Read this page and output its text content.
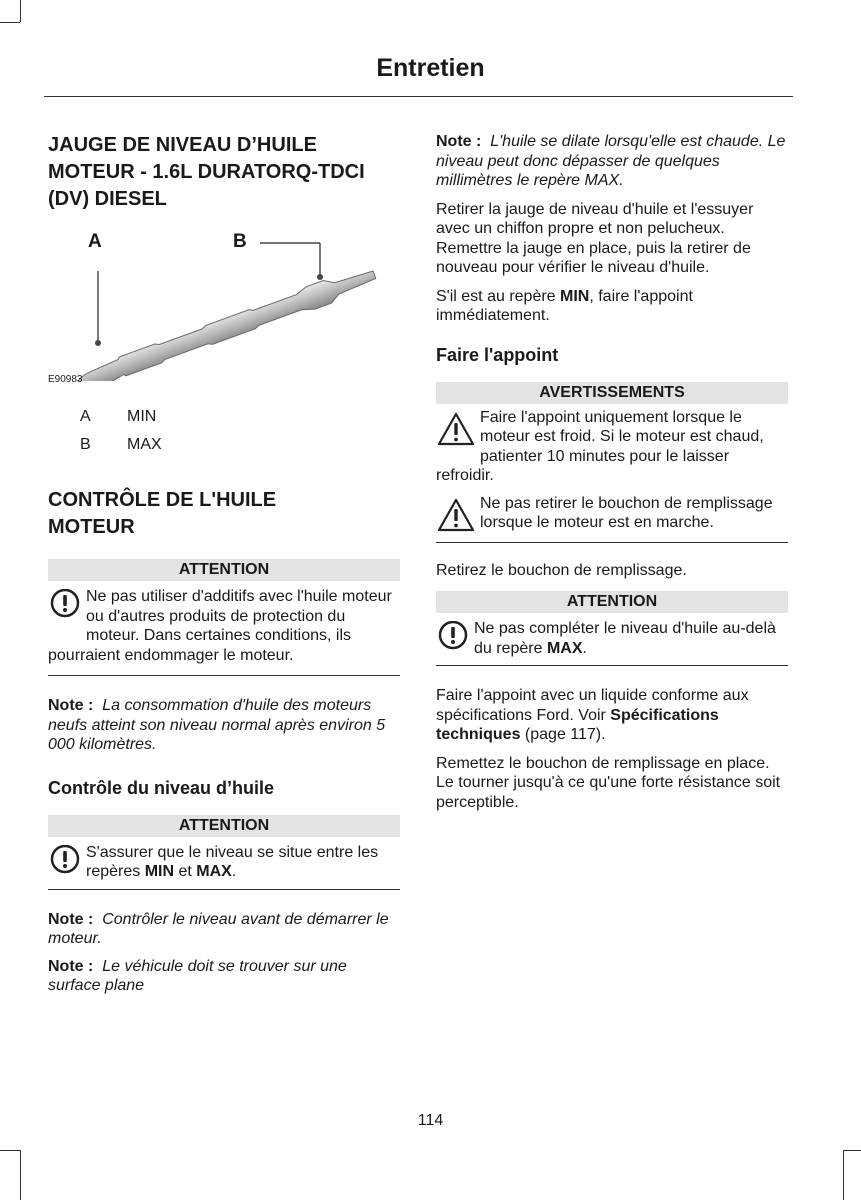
Entretien
JAUGE DE NIVEAU D’HUILE MOTEUR - 1.6L DURATORQ-TDCI (DV) DIESEL
A	B
E90983
A	MIN
B	MAX
CONTRÔLE DE L'HUILE MOTEUR
ATTENTION
Ne pas utiliser d'additifs avec l'huile moteur ou d'autres produits de protection du moteur. Dans certaines conditions, ils pourraient endommager le moteur.

Note : La consommation d'huile des moteurs neufs atteint son niveau normal après environ 5 000 kilomètres.

Contrôle du niveau d’huile
ATTENTION
S'assurer que le niveau se situe entre les repères MIN et MAX.

Note : Contrôler le niveau avant de démarrer le moteur.

Note : Le véhicule doit se trouver sur une surface plane

Note : L'huile se dilate lorsqu'elle est chaude. Le niveau peut donc dépasser de quelques millimètres le repère MAX.

Retirer la jauge de niveau d'huile et l'essuyer avec un chiffon propre et non pelucheux. Remettre la jauge en place, puis la retirer de nouveau pour vérifier le niveau d'huile.

S'il est au repère MIN, faire l'appoint immédiatement.

Faire l'appoint
AVERTISSEMENTS
Faire l'appoint uniquement lorsque le moteur est froid. Si le moteur est chaud, patienter 10 minutes pour le laisser refroidir.
Ne pas retirer le bouchon de remplissage lorsque le moteur est en marche.

Retirez le bouchon de remplissage.

ATTENTION
Ne pas compléter le niveau d'huile au-delà du repère MAX.

Faire l'appoint avec un liquide conforme aux spécifications Ford. Voir Spécifications techniques (page 117).

Remettez le bouchon de remplissage en place. Le tourner jusqu'à ce qu'une forte résistance soit perceptible.

114
